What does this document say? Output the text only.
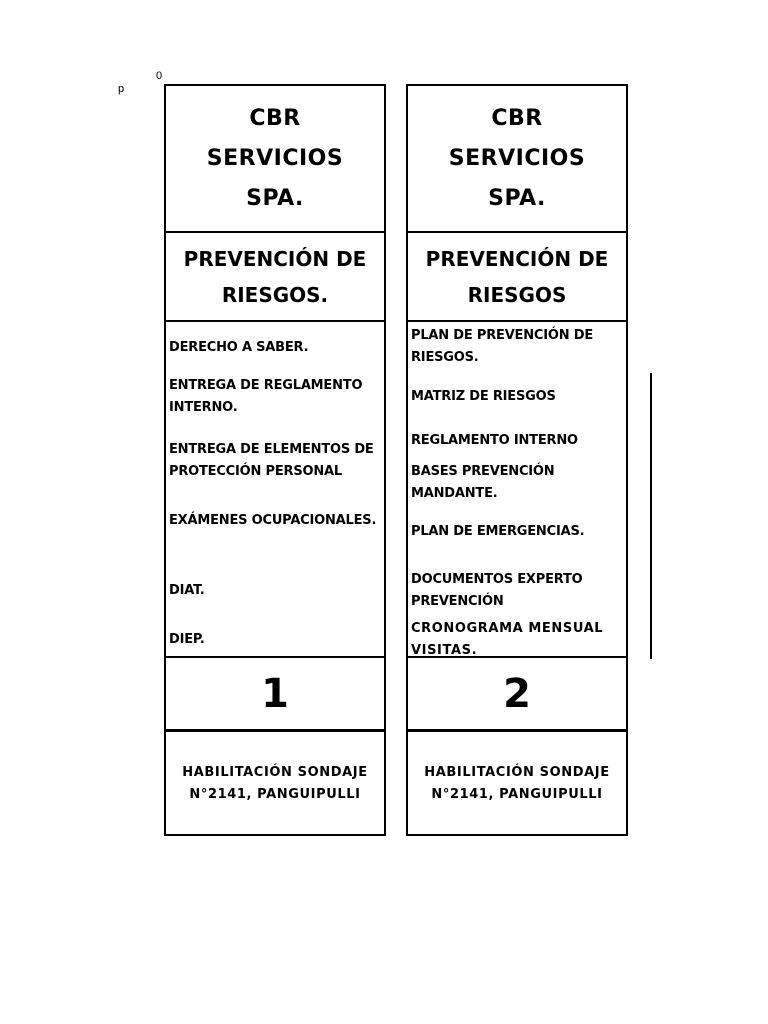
p
0
CBR
SERVICIOS
SPA.
PREVENCIÓN DE
RIESGOS.
DERECHO A SABER.
ENTREGA DE REGLAMENTO INTERNO.
ENTREGA DE ELEMENTOS DE PROTECCIÓN PERSONAL
EXÁMENES OCUPACIONALES.
DIAT.
DIEP.
1
HABILITACIÓN SONDAJE
N°2141, PANGUIPULLI
CBR
SERVICIOS
SPA.
PREVENCIÓN DE
RIESGOS
PLAN DE PREVENCIÓN DE RIESGOS.
MATRIZ DE RIESGOS
REGLAMENTO INTERNO
BASES PREVENCIÓN MANDANTE.
PLAN DE EMERGENCIAS.
DOCUMENTOS EXPERTO PREVENCIÓN
CRONOGRAMA MENSUAL VISITAS.
2
HABILITACIÓN SONDAJE
N°2141, PANGUIPULLI
